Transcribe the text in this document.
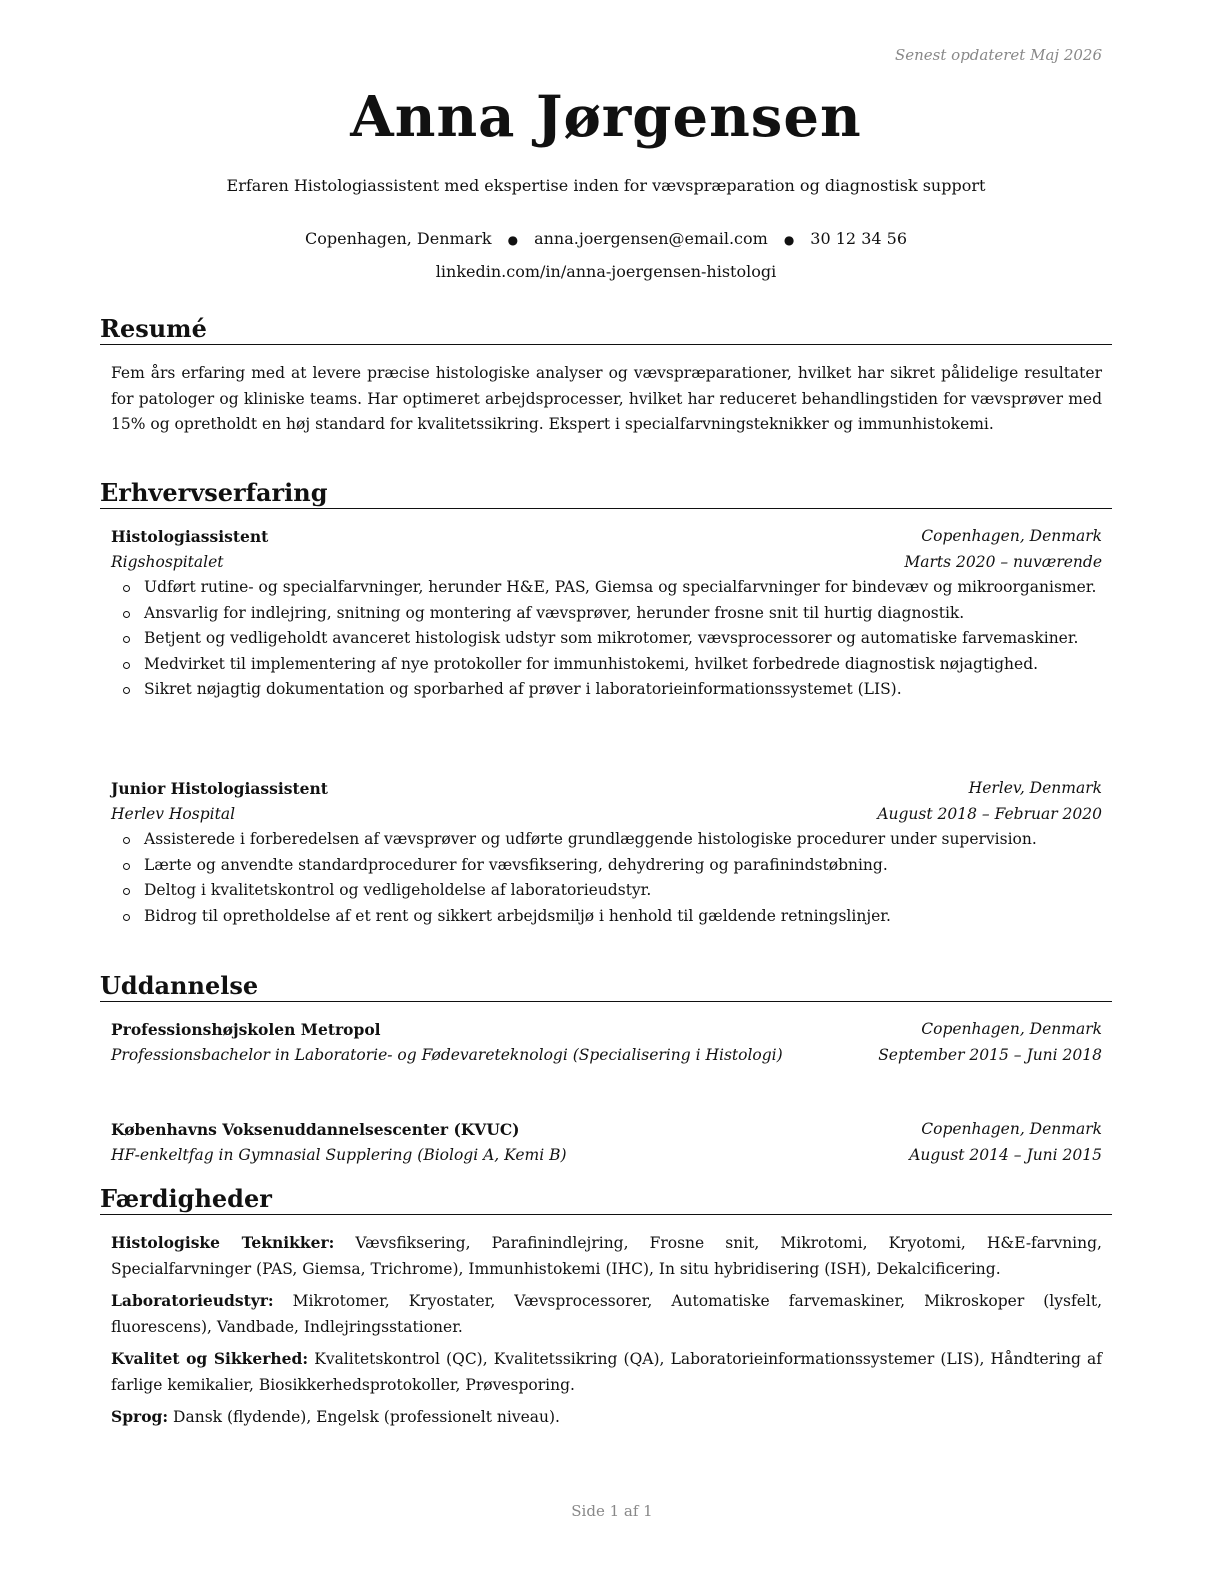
Senest opdateret Maj 2026
Anna Jørgensen
Erfaren Histologiassistent med ekspertise inden for vævspræparation og diagnostisk support
Copenhagen, Denmark ● anna.joergensen@email.com ● 30 12 34 56
linkedin.com/in/anna-joergensen-histologi
Resumé
Fem års erfaring med at levere præcise histologiske analyser og vævspræparationer, hvilket har sikret pålidelige resultater for patologer og kliniske teams. Har optimeret arbejdsprocesser, hvilket har reduceret behandlingstiden for vævsprøver med 15% og opretholdt en høj standard for kvalitetssikring. Ekspert i specialfarvningsteknikker og immunhistokemi.
Erhvervserfaring
Histologiassistent	Copenhagen, Denmark
Rigshospitalet	Marts 2020 – nuværende
Udført rutine- og specialfarvninger, herunder H&E, PAS, Giemsa og specialfarvninger for bindevæv og mikroorganismer.
Ansvarlig for indlejring, snitning og montering af vævsprøver, herunder frosne snit til hurtig diagnostik.
Betjent og vedligeholdt avanceret histologisk udstyr som mikrotomer, vævsprocessorer og automatiske farvemaskiner.
Medvirket til implementering af nye protokoller for immunhistokemi, hvilket forbedrede diagnostisk nøjagtighed.
Sikret nøjagtig dokumentation og sporbarhed af prøver i laboratorieinformationssystemet (LIS).
Junior Histologiassistent	Herlev, Denmark
Herlev Hospital	August 2018 – Februar 2020
Assisterede i forberedelsen af vævsprøver og udførte grundlæggende histologiske procedurer under supervision.
Lærte og anvendte standardprocedurer for vævsfiksering, dehydrering og parafinindstøbning.
Deltog i kvalitetskontrol og vedligeholdelse af laboratorieudstyr.
Bidrog til opretholdelse af et rent og sikkert arbejdsmiljø i henhold til gældende retningslinjer.
Uddannelse
Professionshøjskolen Metropol	Copenhagen, Denmark
Professionsbachelor in Laboratorie- og Fødevareteknologi (Specialisering i Histologi)	September 2015 – Juni 2018
Københavns Voksenuddannelsescenter (KVUC)	Copenhagen, Denmark
HF-enkeltfag in Gymnasial Supplering (Biologi A, Kemi B)	August 2014 – Juni 2015
Færdigheder
Histologiske Teknikker: Vævsfiksering, Parafinindlejring, Frosne snit, Mikrotomi, Kryotomi, H&E-farvning, Specialfarvninger (PAS, Giemsa, Trichrome), Immunhistokemi (IHC), In situ hybridisering (ISH), Dekalcificering.
Laboratorieudstyr: Mikrotomer, Kryostater, Vævsprocessorer, Automatiske farvemaskiner, Mikroskoper (lysfelt, fluorescens), Vandbade, Indlejringsstationer.
Kvalitet og Sikkerhed: Kvalitetskontrol (QC), Kvalitetssikring (QA), Laboratorieinformationssystemer (LIS), Håndtering af farlige kemikalier, Biosikkerhedsprotokoller, Prøvesporing.
Sprog: Dansk (flydende), Engelsk (professionelt niveau).
Side 1 af 1
